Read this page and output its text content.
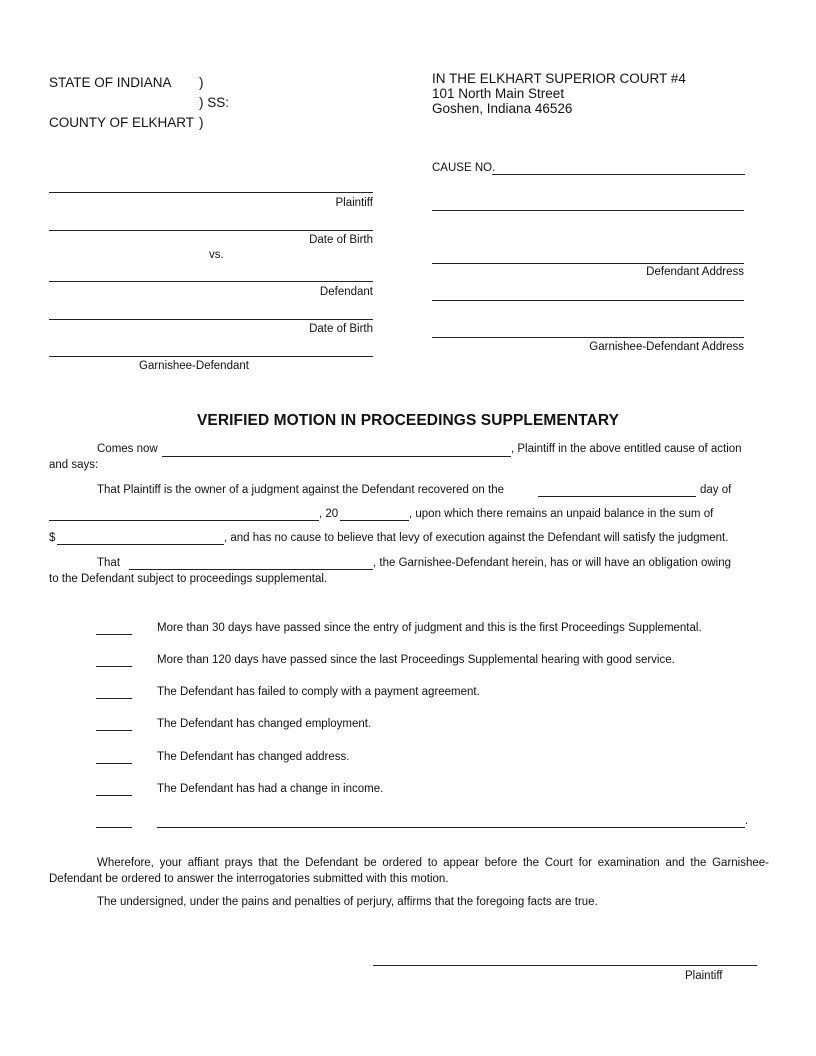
STATE OF INDIANA )
) SS:
COUNTY OF ELKHART )
IN THE ELKHART SUPERIOR COURT #4
101 North Main Street
Goshen, Indiana 46526
CAUSE NO.
Plaintiff
Date of Birth
vs.
Defendant
Date of Birth
Garnishee-Defendant
Defendant Address
Garnishee-Defendant Address
VERIFIED MOTION IN PROCEEDINGS SUPPLEMENTARY
Comes now	, Plaintiff in the above entitled cause of action
and says:
That Plaintiff is the owner of a judgment against the Defendant recovered on the	day of
, 20	, upon which there remains an unpaid balance in the sum of
$	, and has no cause to believe that levy of execution against the Defendant will satisfy the judgment.
That	, the Garnishee-Defendant herein, has or will have an obligation owing
to the Defendant subject to proceedings supplemental.
More than 30 days have passed since the entry of judgment and this is the first Proceedings Supplemental.
More than 120 days have passed since the last Proceedings Supplemental hearing with good service.
The Defendant has failed to comply with a payment agreement.
The Defendant has changed employment.
The Defendant has changed address.
The Defendant has had a change in income.
.
Wherefore, your affiant prays that the Defendant be ordered to appear before the Court for examination and the Garnishee-Defendant be ordered to answer the interrogatories submitted with this motion.
The undersigned, under the pains and penalties of perjury, affirms that the foregoing facts are true.
Plaintiff
